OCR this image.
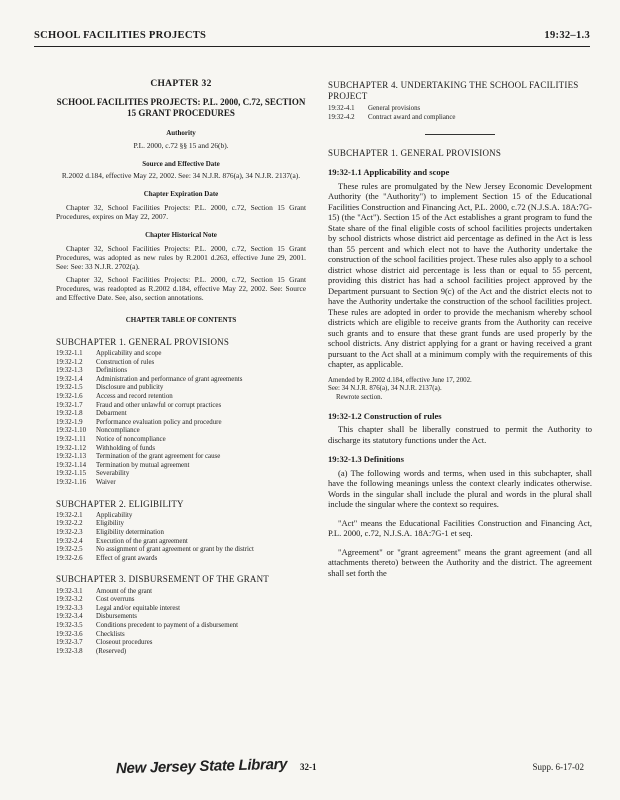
SCHOOL FACILITIES PROJECTS	19:32–1.3
CHAPTER 32
SCHOOL FACILITIES PROJECTS: P.L. 2000, C.72, SECTION 15 GRANT PROCEDURES
Authority
P.L. 2000, c.72 §§ 15 and 26(b).
Source and Effective Date
R.2002 d.184, effective May 22, 2002. See: 34 N.J.R. 876(a), 34 N.J.R. 2137(a).
Chapter Expiration Date
Chapter 32, School Facilities Projects: P.L. 2000, c.72, Section 15 Grant Procedures, expires on May 22, 2007.
Chapter Historical Note
Chapter 32, School Facilities Projects: P.L. 2000, c.72, Section 15 Grant Procedures, was adopted as new rules by R.2001 d.263, effective June 29, 2001. See: See: 33 N.J.R. 2702(a).
Chapter 32, School Facilities Projects: P.L. 2000, c.72, Section 15 Grant Procedures, was readopted as R.2002 d.184, effective May 22, 2002. See: Source and Effective Date. See, also, section annotations.
CHAPTER TABLE OF CONTENTS
SUBCHAPTER 1. GENERAL PROVISIONS
19:32-1.1	Applicability and scope
19:32-1.2	Construction of rules
19:32-1.3	Definitions
19:32-1.4	Administration and performance of grant agreements
19:32-1.5	Disclosure and publicity
19:32-1.6	Access and record retention
19:32-1.7	Fraud and other unlawful or corrupt practices
19:32-1.8	Debarment
19:32-1.9	Performance evaluation policy and procedure
19:32-1.10	Noncompliance
19:32-1.11	Notice of noncompliance
19:32-1.12	Withholding of funds
19:32-1.13	Termination of the grant agreement for cause
19:32-1.14	Termination by mutual agreement
19:32-1.15	Severability
19:32-1.16	Waiver
SUBCHAPTER 2. ELIGIBILITY
19:32-2.1	Applicability
19:32-2.2	Eligibility
19:32-2.3	Eligibility determination
19:32-2.4	Execution of the grant agreement
19:32-2.5	No assignment of grant agreement or grant by the district
19:32-2.6	Effect of grant awards
SUBCHAPTER 3. DISBURSEMENT OF THE GRANT
19:32-3.1	Amount of the grant
19:32-3.2	Cost overruns
19:32-3.3	Legal and/or equitable interest
19:32-3.4	Disbursements
19:32-3.5	Conditions precedent to payment of a disbursement
19:32-3.6	Checklists
19:32-3.7	Closeout procedures
19:32-3.8	(Reserved)
SUBCHAPTER 4. UNDERTAKING THE SCHOOL FACILITIES PROJECT
19:32-4.1	General provisions
19:32-4.2	Contract award and compliance
SUBCHAPTER 1. GENERAL PROVISIONS
19:32-1.1 Applicability and scope
These rules are promulgated by the New Jersey Economic Development Authority (the "Authority") to implement Section 15 of the Educational Facilities Construction and Financing Act, P.L. 2000, c.72 (N.J.S.A. 18A:7G-15) (the "Act"). Section 15 of the Act establishes a grant program to fund the State share of the final eligible costs of school facilities projects undertaken by school districts whose district aid percentage as defined in the Act is less than 55 percent and which elect not to have the Authority undertake the construction of the school facilities project. These rules also apply to a school district whose district aid percentage is less than or equal to 55 percent, providing this district has had a school facilities project approved by the Department pursuant to Section 9(c) of the Act and the district elects not to have the Authority undertake the construction of the school facilities project. These rules are adopted in order to provide the mechanism whereby school districts which are eligible to receive grants from the Authority can receive such grants and to ensure that these grant funds are used properly by the school districts. Any district applying for a grant or having received a grant pursuant to the Act shall at a minimum comply with the requirements of this chapter, as applicable.
Amended by R.2002 d.184, effective June 17, 2002.
See: 34 N.J.R. 876(a), 34 N.J.R. 2137(a).
Rewrote section.
19:32-1.2 Construction of rules
This chapter shall be liberally construed to permit the Authority to discharge its statutory functions under the Act.
19:32-1.3 Definitions
(a) The following words and terms, when used in this subchapter, shall have the following meanings unless the context clearly indicates otherwise. Words in the singular shall include the plural and words in the plural shall include the singular where the context so requires.
"Act" means the Educational Facilities Construction and Financing Act, P.L. 2000, c.72, N.J.S.A. 18A:7G-1 et seq.
"Agreement" or "grant agreement" means the grant agreement (and all attachments thereto) between the Authority and the district. The agreement shall set forth the
New Jersey State Library 32-1	Supp. 6-17-02
